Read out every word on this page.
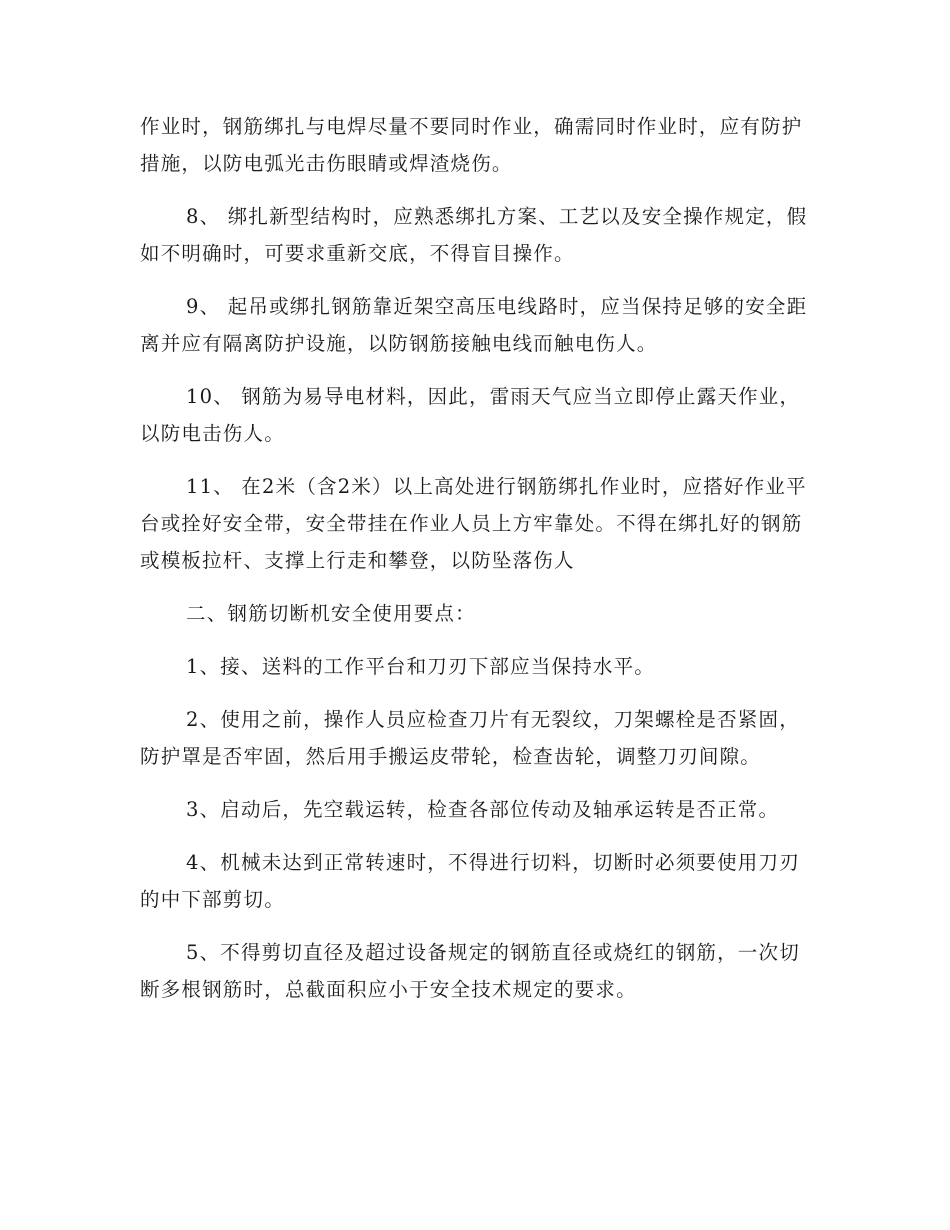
作业时，钢筋绑扎与电焊尽量不要同时作业，确需同时作业时，应有防护措施，以防电弧光击伤眼睛或焊渣烧伤。

8、 绑扎新型结构时，应熟悉绑扎方案、工艺以及安全操作规定，假如不明确时，可要求重新交底，不得盲目操作。

9、 起吊或绑扎钢筋靠近架空高压电线路时，应当保持足够的安全距离并应有隔离防护设施，以防钢筋接触电线而触电伤人。

10、 钢筋为易导电材料，因此，雷雨天气应当立即停止露天作业，以防电击伤人。

11、 在2米（含2米）以上高处进行钢筋绑扎作业时，应搭好作业平台或拴好安全带，安全带挂在作业人员上方牢靠处。不得在绑扎好的钢筋或模板拉杆、支撑上行走和攀登，以防坠落伤人

二、钢筋切断机安全使用要点：

1、接、送料的工作平台和刀刃下部应当保持水平。

2、使用之前，操作人员应检查刀片有无裂纹，刀架螺栓是否紧固，防护罩是否牢固，然后用手搬运皮带轮，检查齿轮，调整刀刃间隙。

3、启动后，先空载运转，检查各部位传动及轴承运转是否正常。

4、机械未达到正常转速时，不得进行切料，切断时必须要使用刀刃的中下部剪切。

5、不得剪切直径及超过设备规定的钢筋直径或烧红的钢筋，一次切断多根钢筋时，总截面积应小于安全技术规定的要求。
